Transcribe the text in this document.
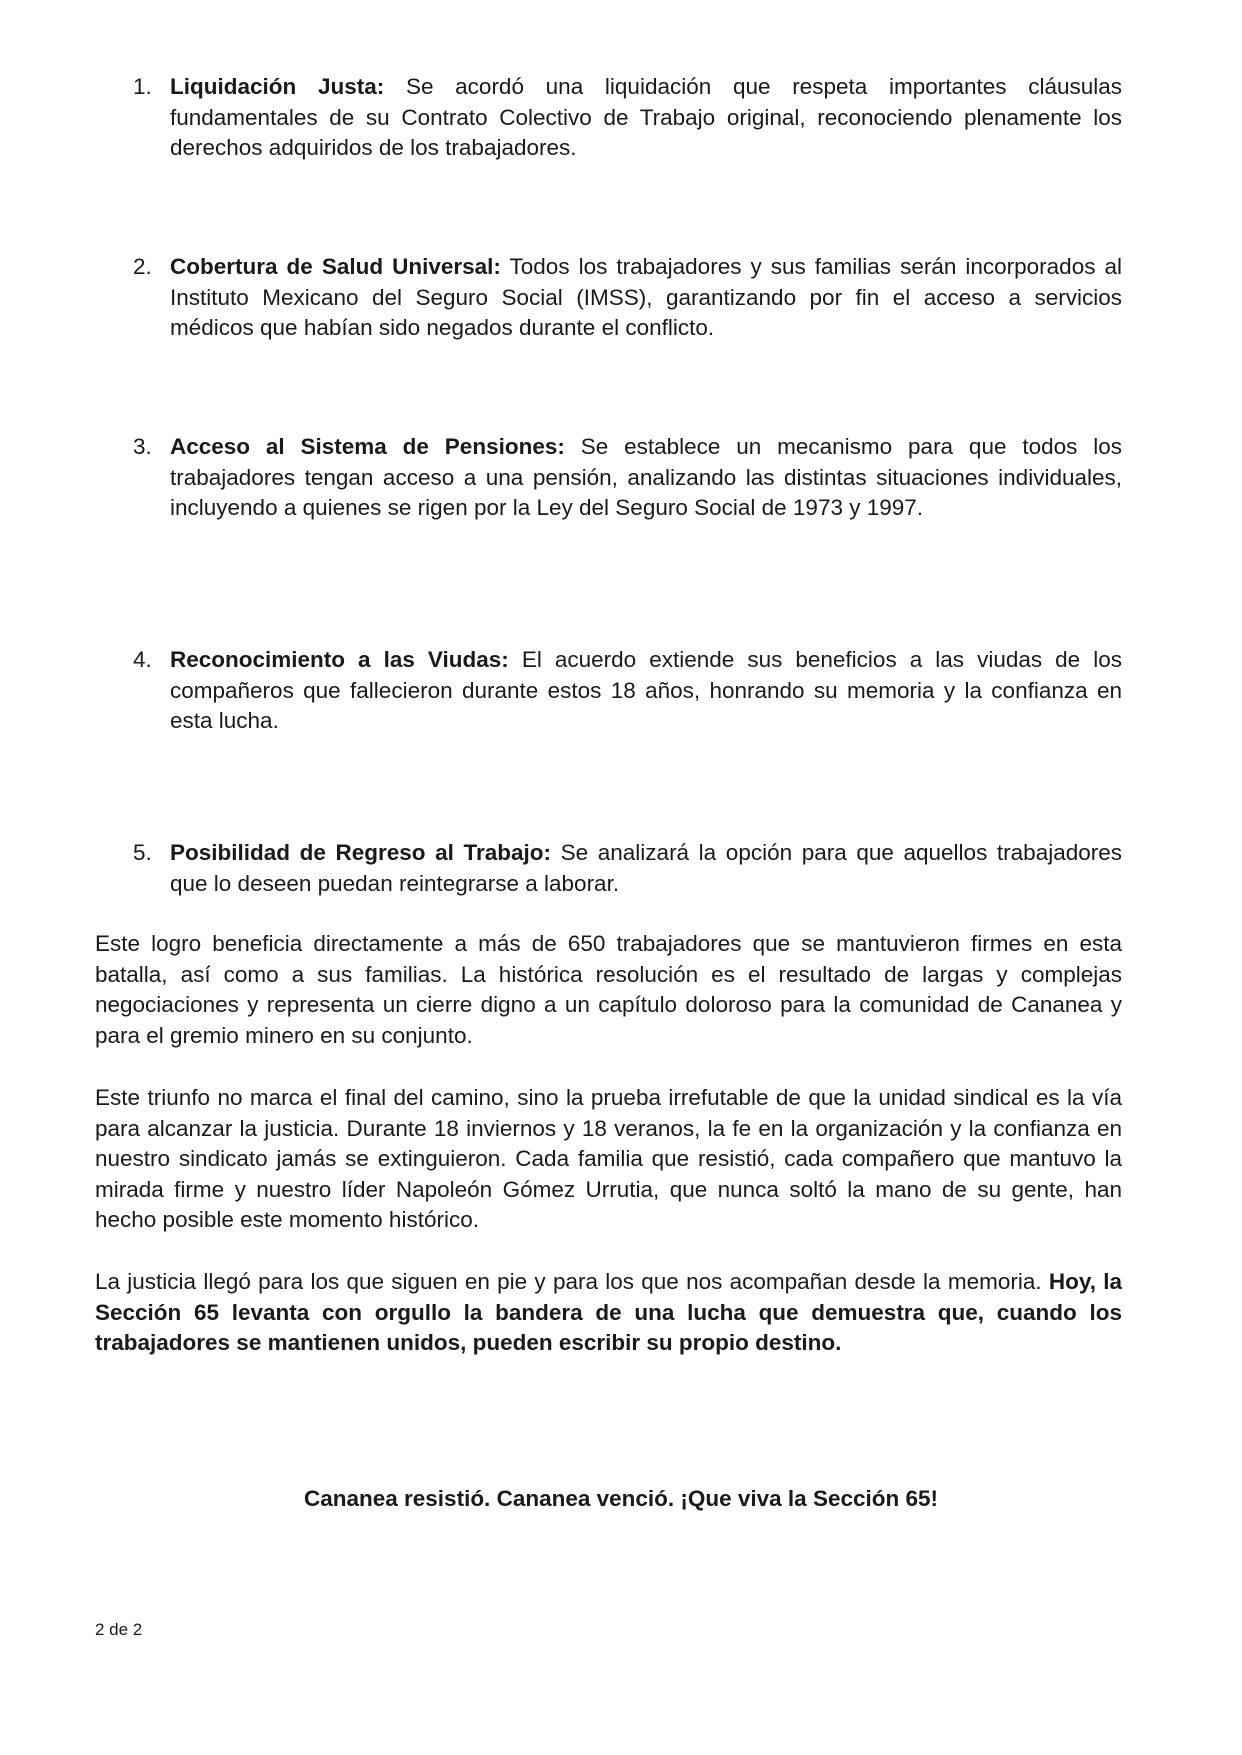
1. Liquidación Justa: Se acordó una liquidación que respeta importantes cláusulas fundamentales de su Contrato Colectivo de Trabajo original, reconociendo plenamente los derechos adquiridos de los trabajadores.
2. Cobertura de Salud Universal: Todos los trabajadores y sus familias serán incorporados al Instituto Mexicano del Seguro Social (IMSS), garantizando por fin el acceso a servicios médicos que habían sido negados durante el conflicto.
3. Acceso al Sistema de Pensiones: Se establece un mecanismo para que todos los trabajadores tengan acceso a una pensión, analizando las distintas situaciones individuales, incluyendo a quienes se rigen por la Ley del Seguro Social de 1973 y 1997.
4. Reconocimiento a las Viudas: El acuerdo extiende sus beneficios a las viudas de los compañeros que fallecieron durante estos 18 años, honrando su memoria y la confianza en esta lucha.
5. Posibilidad de Regreso al Trabajo: Se analizará la opción para que aquellos trabajadores que lo deseen puedan reintegrarse a laborar.

Este logro beneficia directamente a más de 650 trabajadores que se mantuvieron firmes en esta batalla, así como a sus familias. La histórica resolución es el resultado de largas y complejas negociaciones y representa un cierre digno a un capítulo doloroso para la comunidad de Cananea y para el gremio minero en su conjunto.

Este triunfo no marca el final del camino, sino la prueba irrefutable de que la unidad sindical es la vía para alcanzar la justicia. Durante 18 inviernos y 18 veranos, la fe en la organización y la confianza en nuestro sindicato jamás se extinguieron. Cada familia que resistió, cada compañero que mantuvo la mirada firme y nuestro líder Napoleón Gómez Urrutia, que nunca soltó la mano de su gente, han hecho posible este momento histórico.

La justicia llegó para los que siguen en pie y para los que nos acompañan desde la memoria. Hoy, la Sección 65 levanta con orgullo la bandera de una lucha que demuestra que, cuando los trabajadores se mantienen unidos, pueden escribir su propio destino.

Cananea resistió. Cananea venció. ¡Que viva la Sección 65!
2 de 2
